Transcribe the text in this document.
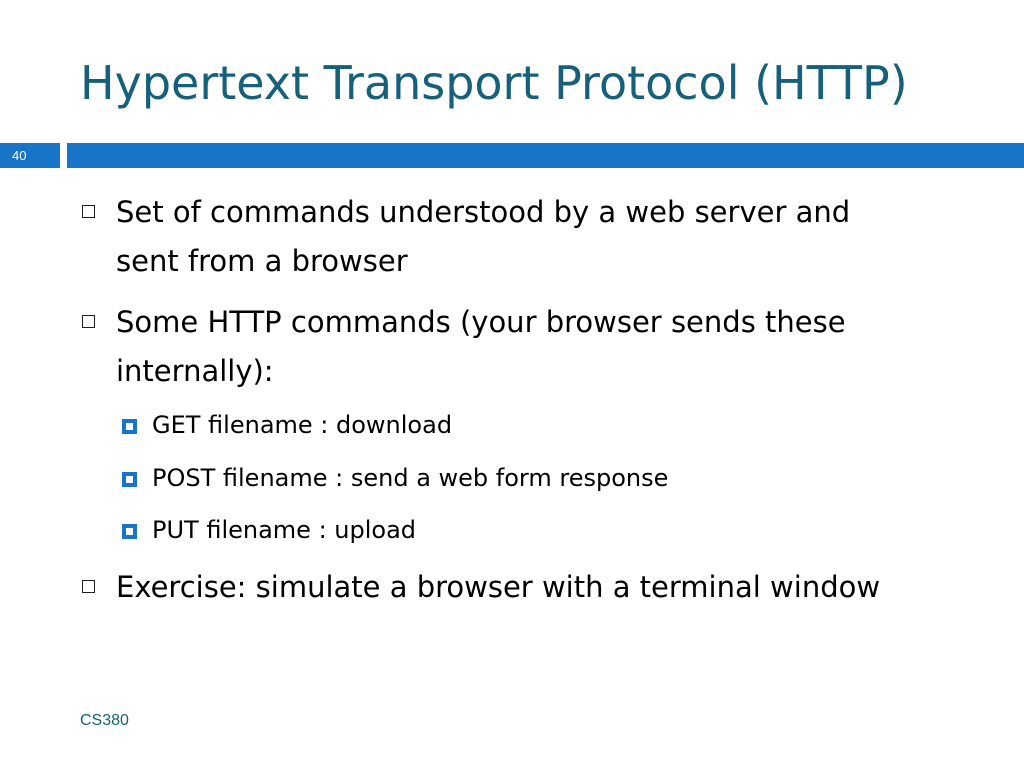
Hypertext Transport Protocol (HTTP)
40
Set of commands understood by a web server and
sent from a browser
Some HTTP commands (your browser sends these
internally):
GET filename : download
POST filename : send a web form response
PUT filename : upload
Exercise: simulate a browser with a terminal window
CS380
